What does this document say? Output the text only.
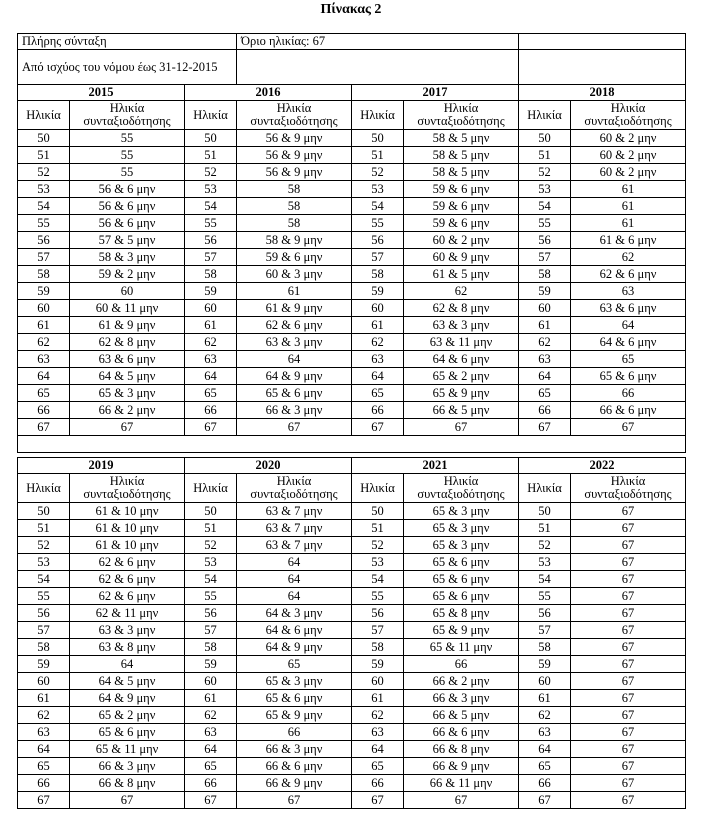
Πίνακας 2
Πλήρης σύνταξη			Όριο ηλικίας: 67				
Από ισχύος του νόμου έως 31-12-2015							
2015		2016		2017		2018	
Ηλικία	Ηλικία συνταξιοδότησης	Ηλικία	Ηλικία συνταξιοδότησης	Ηλικία	Ηλικία συνταξιοδότησης	Ηλικία	Ηλικία συνταξιοδότησης
50	55	50	56 & 9 μην	50	58 & 5 μην	50	60 & 2 μην
51	55	51	56 & 9 μην	51	58 & 5 μην	51	60 & 2 μην
52	55	52	56 & 9 μην	52	58 & 5 μην	52	60 & 2 μην
53	56 & 6 μην	53	58	53	59 & 6 μην	53	61
54	56 & 6 μην	54	58	54	59 & 6 μην	54	61
55	56 & 6 μην	55	58	55	59 & 6 μην	55	61
56	57 & 5 μην	56	58 & 9 μην	56	60 & 2 μην	56	61 & 6 μην
57	58 & 3 μην	57	59 & 6 μην	57	60 & 9 μην	57	62
58	59 & 2 μην	58	60 & 3 μην	58	61 & 5 μην	58	62 & 6 μην
59	60	59	61	59	62	59	63
60	60 & 11 μην	60	61 & 9 μην	60	62 & 8 μην	60	63 & 6 μην
61	61 & 9 μην	61	62 & 6 μην	61	63 & 3 μην	61	64
62	62 & 8 μην	62	63 & 3 μην	62	63 & 11 μην	62	64 & 6 μην
63	63 & 6 μην	63	64	63	64 & 6 μην	63	65
64	64 & 5 μην	64	64 & 9 μην	64	65 & 2 μην	64	65 & 6 μην
65	65 & 3 μην	65	65 & 6 μην	65	65 & 9 μην	65	66
66	66 & 2 μην	66	66 & 3 μην	66	66 & 5 μην	66	66 & 6 μην
67	67	67	67	67	67	67	67

2019		2020		2021		2022	
Ηλικία	Ηλικία συνταξιοδότησης	Ηλικία	Ηλικία συνταξιοδότησης	Ηλικία	Ηλικία συνταξιοδότησης	Ηλικία	Ηλικία συνταξιοδότησης
50	61 & 10 μην	50	63 & 7 μην	50	65 & 3 μην	50	67
51	61 & 10 μην	51	63 & 7 μην	51	65 & 3 μην	51	67
52	61 & 10 μην	52	63 & 7 μην	52	65 & 3 μην	52	67
53	62 & 6 μην	53	64	53	65 & 6 μην	53	67
54	62 & 6 μην	54	64	54	65 & 6 μην	54	67
55	62 & 6 μην	55	64	55	65 & 6 μην	55	67
56	62 & 11 μην	56	64 & 3 μην	56	65 & 8 μην	56	67
57	63 & 3 μην	57	64 & 6 μην	57	65 & 9 μην	57	67
58	63 & 8 μην	58	64 & 9 μην	58	65 & 11 μην	58	67
59	64	59	65	59	66	59	67
60	64 & 5 μην	60	65 & 3 μην	60	66 & 2 μην	60	67
61	64 & 9 μην	61	65 & 6 μην	61	66 & 3 μην	61	67
62	65 & 2 μην	62	65 & 9 μην	62	66 & 5 μην	62	67
63	65 & 6 μην	63	66	63	66 & 6 μην	63	67
64	65 & 11 μην	64	66 & 3 μην	64	66 & 8 μην	64	67
65	66 & 3 μην	65	66 & 6 μην	65	66 & 9 μην	65	67
66	66 & 8 μην	66	66 & 9 μην	66	66 & 11 μην	66	67
67	67	67	67	67	67	67	67
